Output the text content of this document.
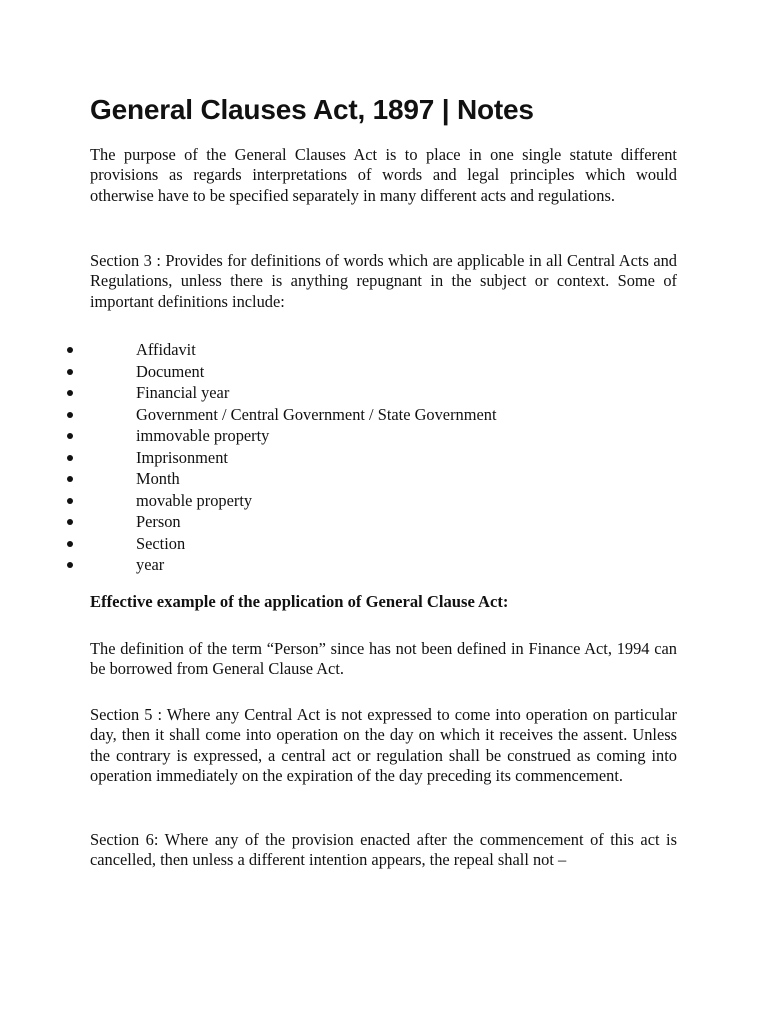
General Clauses Act, 1897 | Notes

The purpose of the General Clauses Act is to place in one single statute different provisions as regards interpretations of words and legal principles which would otherwise have to be specified separately in many different acts and regulations.

Section 3 : Provides for definitions of words which are applicable in all Central Acts and Regulations, unless there is anything repugnant in the subject or context. Some of important definitions include:

Affidavit
Document
Financial year
Government / Central Government / State Government
immovable property
Imprisonment
Month
movable property
Person
Section
year
Effective example of the application of General Clause Act:

The definition of the term “Person” since has not been defined in Finance Act, 1994 can be borrowed from General Clause Act.

Section 5 : Where any Central Act is not expressed to come into operation on particular day, then it shall come into operation on the day on which it receives the assent. Unless the contrary is expressed, a central act or regulation shall be construed as coming into operation immediately on the expiration of the day preceding its commencement.

Section 6: Where any of the provision enacted after the commencement of this act is cancelled, then unless a different intention appears, the repeal shall not –
